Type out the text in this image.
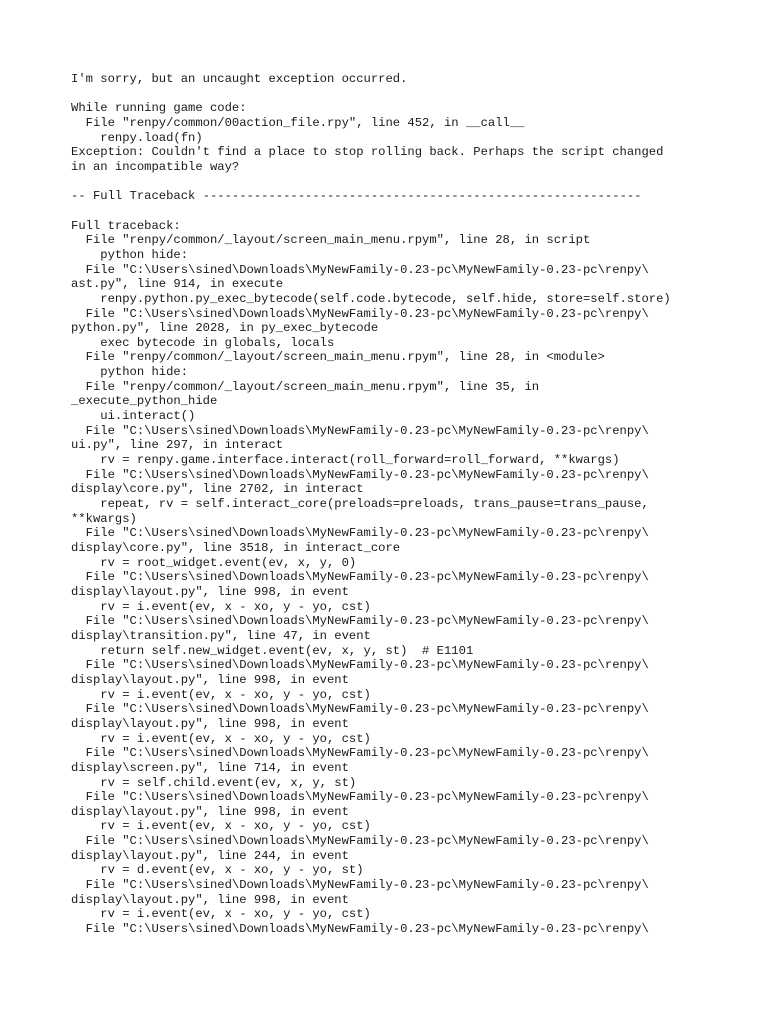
I'm sorry, but an uncaught exception occurred.
While running game code:
File "renpy/common/00action_file.rpy", line 452, in __call__
renpy.load(fn)
Exception: Couldn't find a place to stop rolling back. Perhaps the script changed
in an incompatible way?
-- Full Traceback ------------------------------------------------------------
Full traceback:
File "renpy/common/_layout/screen_main_menu.rpym", line 28, in script
python hide:
File "C:\Users\sined\Downloads\MyNewFamily-0.23-pc\MyNewFamily-0.23-pc\renpy\
ast.py", line 914, in execute
renpy.python.py_exec_bytecode(self.code.bytecode, self.hide, store=self.store)
File "C:\Users\sined\Downloads\MyNewFamily-0.23-pc\MyNewFamily-0.23-pc\renpy\
python.py", line 2028, in py_exec_bytecode
exec bytecode in globals, locals
File "renpy/common/_layout/screen_main_menu.rpym", line 28, in <module>
python hide:
File "renpy/common/_layout/screen_main_menu.rpym", line 35, in
_execute_python_hide
ui.interact()
File "C:\Users\sined\Downloads\MyNewFamily-0.23-pc\MyNewFamily-0.23-pc\renpy\
ui.py", line 297, in interact
rv = renpy.game.interface.interact(roll_forward=roll_forward, **kwargs)
File "C:\Users\sined\Downloads\MyNewFamily-0.23-pc\MyNewFamily-0.23-pc\renpy\
display\core.py", line 2702, in interact
repeat, rv = self.interact_core(preloads=preloads, trans_pause=trans_pause,
**kwargs)
File "C:\Users\sined\Downloads\MyNewFamily-0.23-pc\MyNewFamily-0.23-pc\renpy\
display\core.py", line 3518, in interact_core
rv = root_widget.event(ev, x, y, 0)
File "C:\Users\sined\Downloads\MyNewFamily-0.23-pc\MyNewFamily-0.23-pc\renpy\
display\layout.py", line 998, in event
rv = i.event(ev, x - xo, y - yo, cst)
File "C:\Users\sined\Downloads\MyNewFamily-0.23-pc\MyNewFamily-0.23-pc\renpy\
display\transition.py", line 47, in event
return self.new_widget.event(ev, x, y, st)  # E1101
File "C:\Users\sined\Downloads\MyNewFamily-0.23-pc\MyNewFamily-0.23-pc\renpy\
display\layout.py", line 998, in event
rv = i.event(ev, x - xo, y - yo, cst)
File "C:\Users\sined\Downloads\MyNewFamily-0.23-pc\MyNewFamily-0.23-pc\renpy\
display\layout.py", line 998, in event
rv = i.event(ev, x - xo, y - yo, cst)
File "C:\Users\sined\Downloads\MyNewFamily-0.23-pc\MyNewFamily-0.23-pc\renpy\
display\screen.py", line 714, in event
rv = self.child.event(ev, x, y, st)
File "C:\Users\sined\Downloads\MyNewFamily-0.23-pc\MyNewFamily-0.23-pc\renpy\
display\layout.py", line 998, in event
rv = i.event(ev, x - xo, y - yo, cst)
File "C:\Users\sined\Downloads\MyNewFamily-0.23-pc\MyNewFamily-0.23-pc\renpy\
display\layout.py", line 244, in event
rv = d.event(ev, x - xo, y - yo, st)
File "C:\Users\sined\Downloads\MyNewFamily-0.23-pc\MyNewFamily-0.23-pc\renpy\
display\layout.py", line 998, in event
rv = i.event(ev, x - xo, y - yo, cst)
File "C:\Users\sined\Downloads\MyNewFamily-0.23-pc\MyNewFamily-0.23-pc\renpy\
